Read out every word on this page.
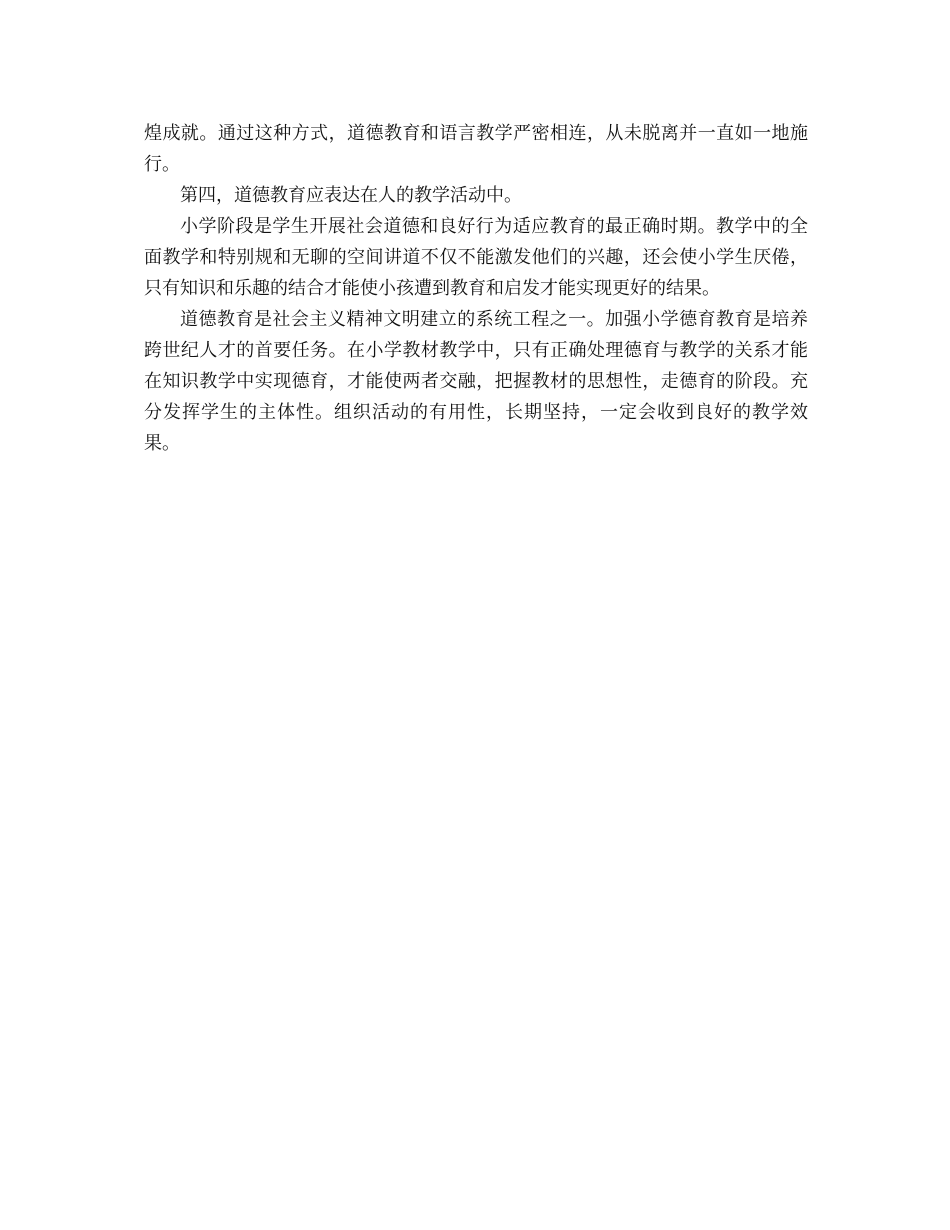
煌成就。通过这种方式，道德教育和语言教学严密相连，从未脱离并一直如一地施行。

第四，道德教育应表达在人的教学活动中。

小学阶段是学生开展社会道德和良好行为适应教育的最正确时期。教学中的全面教学和特别规和无聊的空间讲道不仅不能激发他们的兴趣，还会使小学生厌倦，只有知识和乐趣的结合才能使小孩遭到教育和启发才能实现更好的结果。

道德教育是社会主义精神文明建立的系统工程之一。加强小学德育教育是培养跨世纪人才的首要任务。在小学教材教学中，只有正确处理德育与教学的关系才能在知识教学中实现德育，才能使两者交融，把握教材的思想性，走德育的阶段。充分发挥学生的主体性。组织活动的有用性，长期坚持，一定会收到良好的教学效果。
